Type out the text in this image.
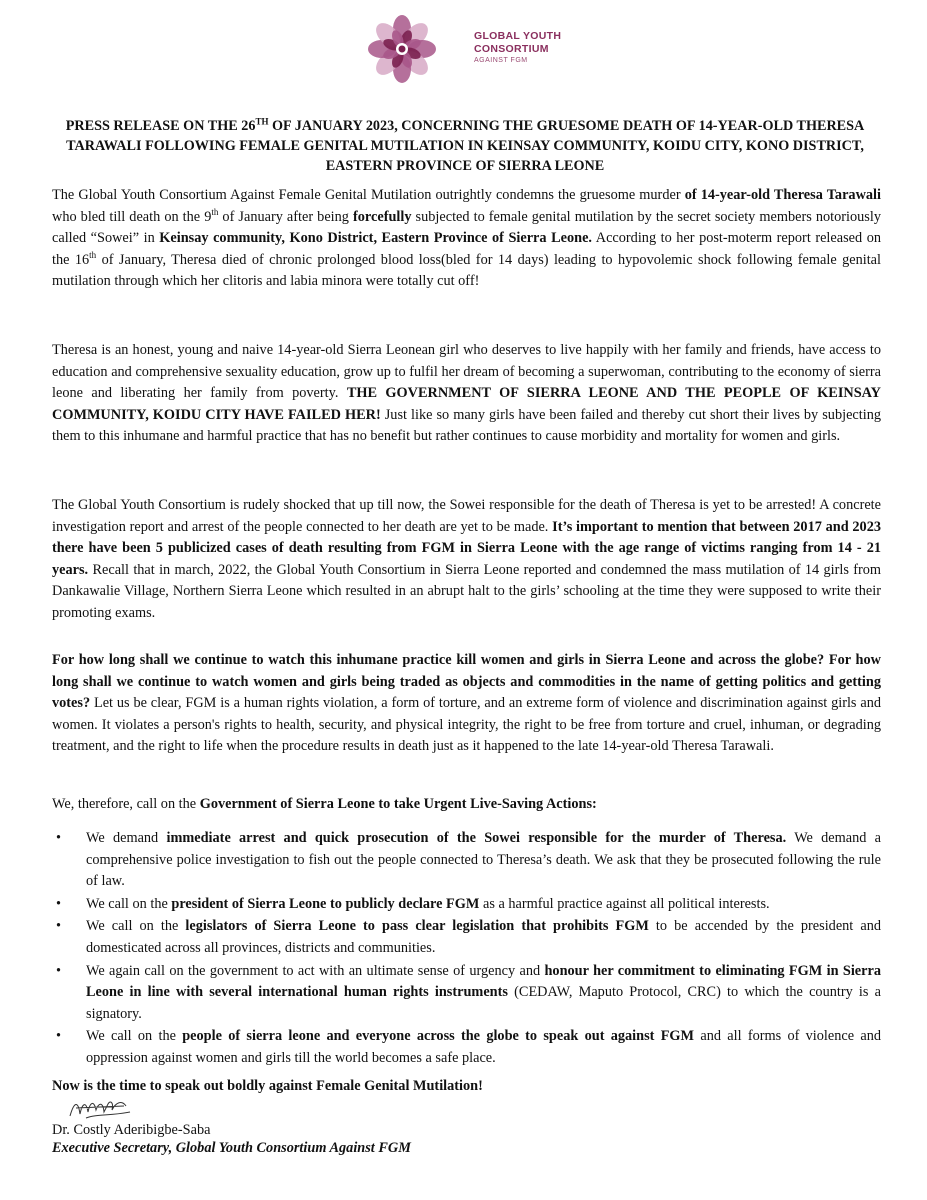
GLOBAL YOUTH
CONSORTIUM
AGAINST FGM
PRESS RELEASE ON THE 26TH OF JANUARY 2023, CONCERNING THE GRUESOME DEATH OF 14-YEAR-OLD THERESA TARAWALI FOLLOWING FEMALE GENITAL MUTILATION IN KEINSAY COMMUNITY, KOIDU CITY, KONO DISTRICT, EASTERN PROVINCE OF SIERRA LEONE

The Global Youth Consortium Against Female Genital Mutilation outrightly condemns the gruesome murder of 14-year-old Theresa Tarawali who bled till death on the 9th of January after being forcefully subjected to female genital mutilation by the secret society members notoriously called “Sowei” in Keinsay community, Kono District, Eastern Province of Sierra Leone. According to her post-moterm report released on the 16th of January, Theresa died of chronic prolonged blood loss(bled for 14 days) leading to hypovolemic shock following female genital mutilation through which her clitoris and labia minora were totally cut off!

Theresa is an honest, young and naive 14-year-old Sierra Leonean girl who deserves to live happily with her family and friends, have access to education and comprehensive sexuality education, grow up to fulfil her dream of becoming a superwoman, contributing to the economy of sierra leone and liberating her family from poverty. THE GOVERNMENT OF SIERRA LEONE AND THE PEOPLE OF KEINSAY COMMUNITY, KOIDU CITY HAVE FAILED HER! Just like so many girls have been failed and thereby cut short their lives by subjecting them to this inhumane and harmful practice that has no benefit but rather continues to cause morbidity and mortality for women and girls.

The Global Youth Consortium is rudely shocked that up till now, the Sowei responsible for the death of Theresa is yet to be arrested! A concrete investigation report and arrest of the people connected to her death are yet to be made. It’s important to mention that between 2017 and 2023 there have been 5 publicized cases of death resulting from FGM in Sierra Leone with the age range of victims ranging from 14 - 21 years. Recall that in march, 2022, the Global Youth Consortium in Sierra Leone reported and condemned the mass mutilation of 14 girls from Dankawalie Village, Northern Sierra Leone which resulted in an abrupt halt to the girls’ schooling at the time they were supposed to write their promoting exams.

For how long shall we continue to watch this inhumane practice kill women and girls in Sierra Leone and across the globe? For how long shall we continue to watch women and girls being traded as objects and commodities in the name of getting politics and getting votes? Let us be clear, FGM is a human rights violation, a form of torture, and an extreme form of violence and discrimination against girls and women. It violates a person's rights to health, security, and physical integrity, the right to be free from torture and cruel, inhuman, or degrading treatment, and the right to life when the procedure results in death just as it happened to the late 14-year-old Theresa Tarawali.

We, therefore, call on the Government of Sierra Leone to take Urgent Live-Saving Actions:

• We demand immediate arrest and quick prosecution of the Sowei responsible for the murder of Theresa. We demand a comprehensive police investigation to fish out the people connected to Theresa’s death. We ask that they be prosecuted following the rule of law.
• We call on the president of Sierra Leone to publicly declare FGM as a harmful practice against all political interests.
• We call on the legislators of Sierra Leone to pass clear legislation that prohibits FGM to be accended by the president and domesticated across all provinces, districts and communities.
• We again call on the government to act with an ultimate sense of urgency and honour her commitment to eliminating FGM in Sierra Leone in line with several international human rights instruments (CEDAW, Maputo Protocol, CRC) to which the country is a signatory.
• We call on the people of sierra leone and everyone across the globe to speak out against FGM and all forms of violence and oppression against women and girls till the world becomes a safe place.
Now is the time to speak out boldly against Female Genital Mutilation!
Dr. Costly Aderibigbe-Saba
Executive Secretary, Global Youth Consortium Against FGM
